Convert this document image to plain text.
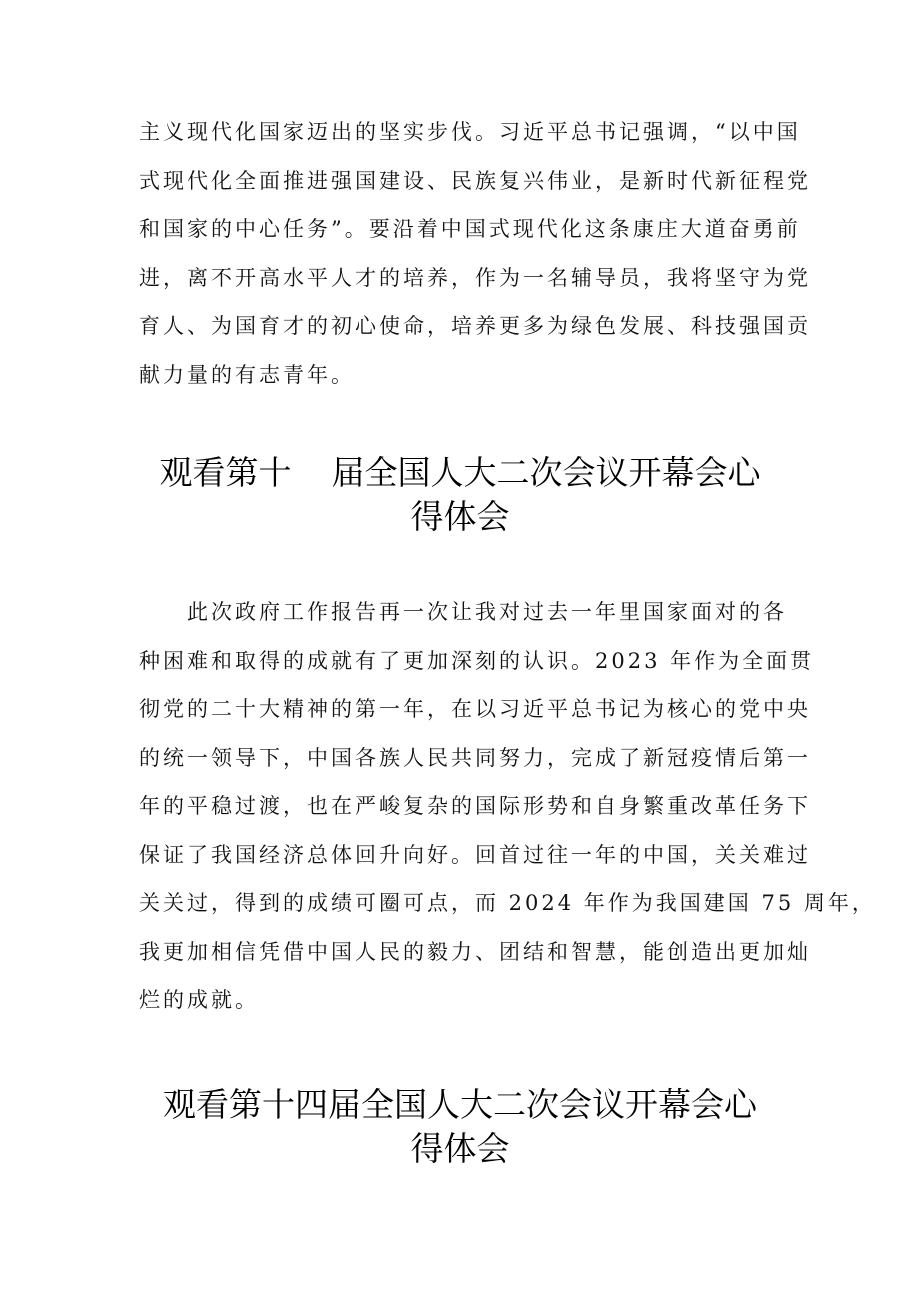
主义现代化国家迈出的坚实步伐。习近平总书记强调，“以中国
式现代化全面推进强国建设、民族复兴伟业，是新时代新征程党
和国家的中心任务”。要沿着中国式现代化这条康庄大道奋勇前
进，离不开高水平人才的培养，作为一名辅导员，我将坚守为党
育人、为国育才的初心使命，培养更多为绿色发展、科技强国贡
献力量的有志青年。

观看第十 届全国人大二次会议开幕会心
得体会

　　此次政府工作报告再一次让我对过去一年里国家面对的各
种困难和取得的成就有了更加深刻的认识。2023 年作为全面贯
彻党的二十大精神的第一年，在以习近平总书记为核心的党中央
的统一领导下，中国各族人民共同努力，完成了新冠疫情后第一
年的平稳过渡，也在严峻复杂的国际形势和自身繁重改革任务下
保证了我国经济总体回升向好。回首过往一年的中国，关关难过
关关过，得到的成绩可圈可点，而 2024 年作为我国建国 75 周年，
我更加相信凭借中国人民的毅力、团结和智慧，能创造出更加灿
烂的成就。

观看第十四届全国人大二次会议开幕会心
得体会
